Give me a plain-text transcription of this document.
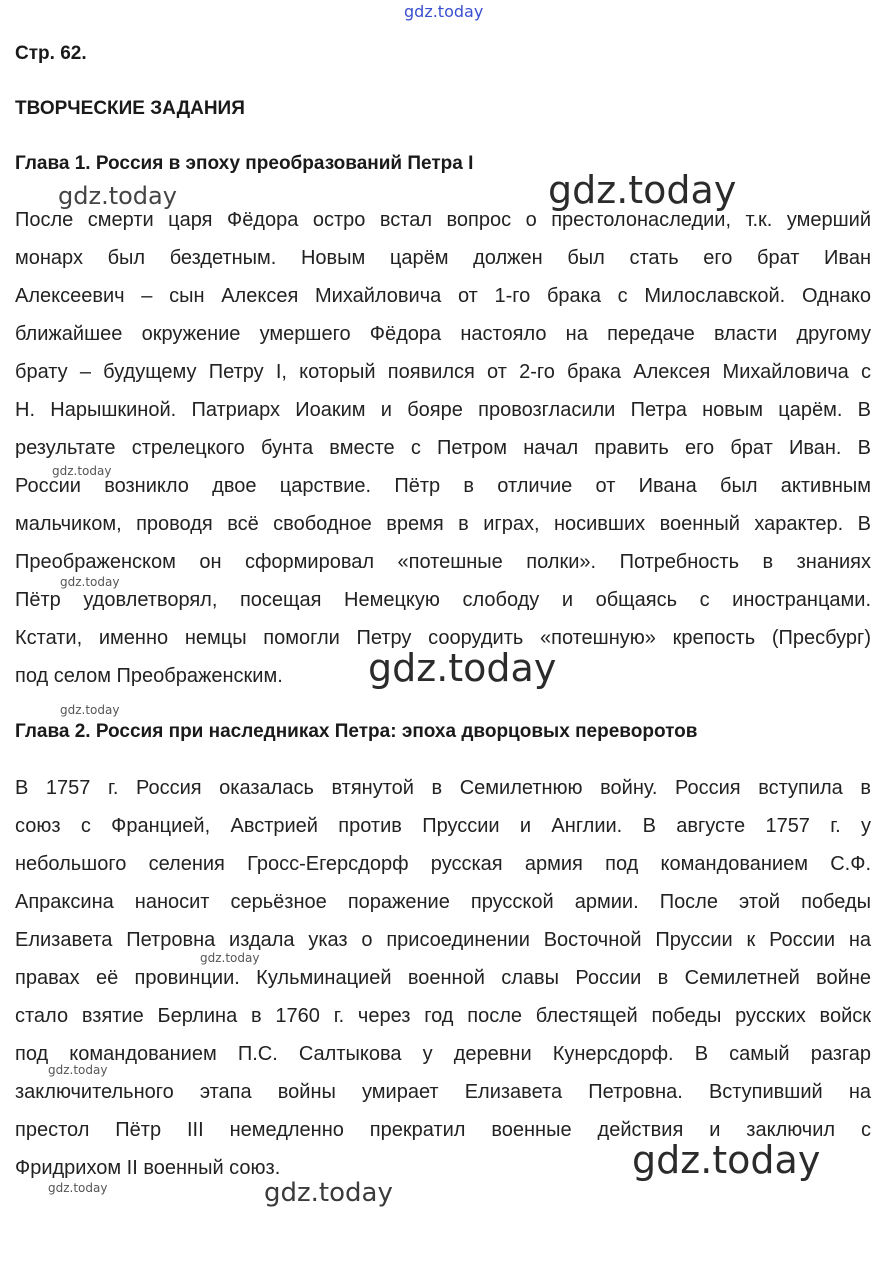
gdz.today
gdz.today	gdz.today
gdz.today
gdz.today
gdz.today
gdz.today
gdz.today
gdz.today
gdz.today
gdz.today	gdz.today
Стр. 62.
ТВОРЧЕСКИЕ ЗАДАНИЯ
Глава 1. Россия в эпоху преобразований Петра I
После смерти царя Фёдора остро встал вопрос о престолонаследии, т.к. умерший
монарх был бездетным. Новым царём должен был стать его брат Иван
Алексеевич – сын Алексея Михайловича от 1-го брака с Милославской. Однако
ближайшее окружение умершего Фёдора настояло на передаче власти другому
брату – будущему Петру I, который появился от 2-го брака Алексея Михайловича с
Н. Нарышкиной. Патриарх Иоаким и бояре провозгласили Петра новым царём. В
результате стрелецкого бунта вместе с Петром начал править его брат Иван. В
России возникло двое царствие. Пётр в отличие от Ивана был активным
мальчиком, проводя всё свободное время в играх, носивших военный характер. В
Преображенском он сформировал «потешные полки». Потребность в знаниях
Пётр удовлетворял, посещая Немецкую слободу и общаясь с иностранцами.
Кстати, именно немцы помогли Петру соорудить «потешную» крепость (Пресбург)
под селом Преображенским.
Глава 2. Россия при наследниках Петра: эпоха дворцовых переворотов
В 1757 г. Россия оказалась втянутой в Семилетнюю войну. Россия вступила в
союз с Францией, Австрией против Пруссии и Англии. В августе 1757 г. у
небольшого селения Гросс-Егерсдорф русская армия под командованием С.Ф.
Апраксина наносит серьёзное поражение прусской армии. После этой победы
Елизавета Петровна издала указ о присоединении Восточной Пруссии к России на
правах её провинции. Кульминацией военной славы России в Семилетней войне
стало взятие Берлина в 1760 г. через год после блестящей победы русских войск
под командованием П.С. Салтыкова у деревни Кунерсдорф. В самый разгар
заключительного этапа войны умирает Елизавета Петровна. Вступивший на
престол Пётр III немедленно прекратил военные действия и заключил с
Фридрихом II военный союз.
